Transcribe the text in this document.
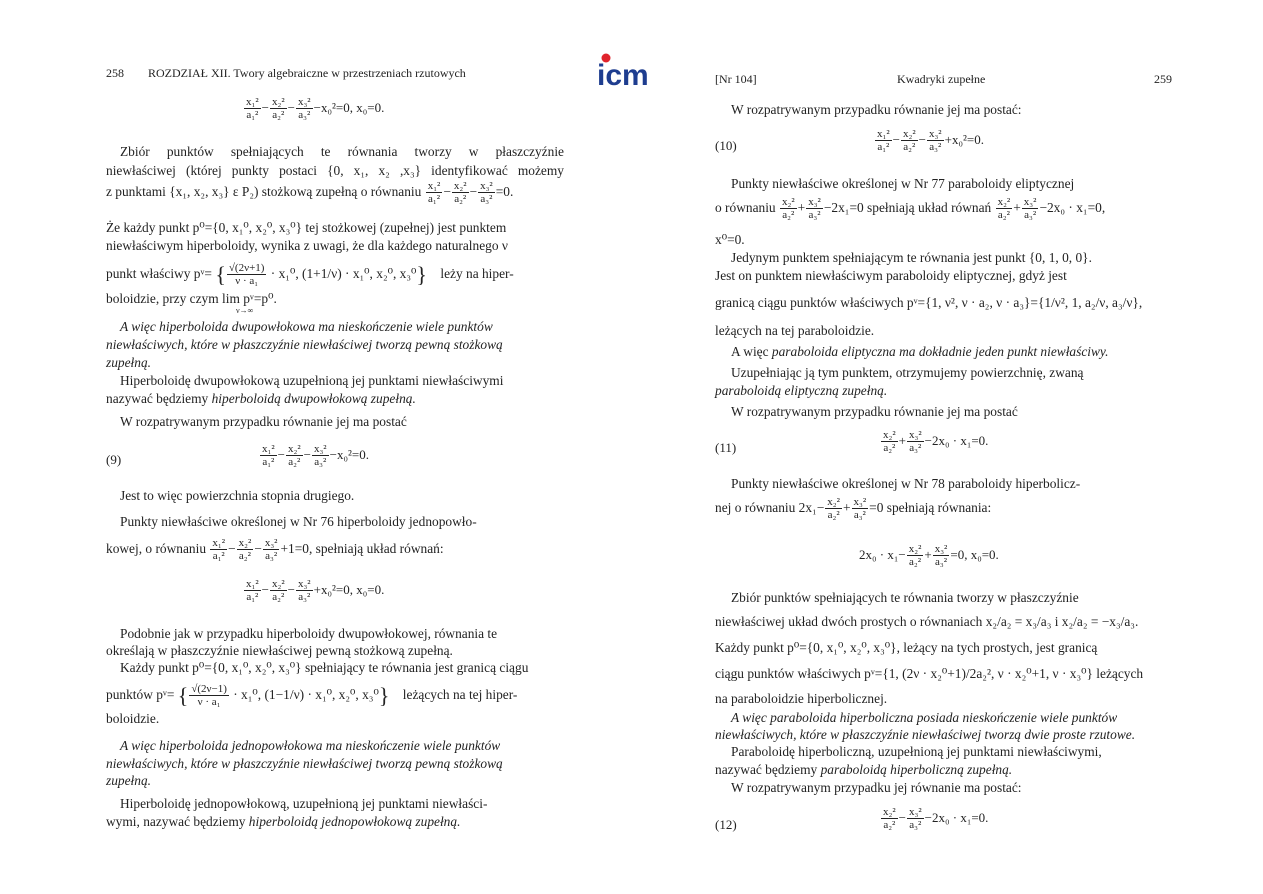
icm
258 ROZDZIAŁ XII. Twory algebraiczne w przestrzeniach rzutowych
$\frac{\text{x₁²}}{\text{a₁²}} - \frac{\text{x₂²}}{\text{a₂²}} - \frac{\text{x₃²}}{\text{a₃²}} -x_0^2=0$, x₀=0.
Zbiór punktów spełniających te równania tworzy w płaszczyźnie
niewłaściwej (której punkty postaci {0, x₁, x₂ ,x₃} identyfikować możemy
z punktami {x₁, x₂, x₃} ε P₂) stożkową zupełną o równaniu $\frac{\text{x₁²}}{\text{a₁²}} - \frac{\text{x₂²}}{\text{a₂²}} - \frac{\text{x₃²}}{\text{a₃²}} =0$.
Że każdy punkt p⁰={0, x₁⁰, x₂⁰, x₃⁰} tej stożkowej (zupełnej) jest punktem
niewłaściwym hiperboloidy, wynika z uwagi, że dla każdego naturalnego ν
punkt właściwy pᵛ= { $\frac{√(2\nu+1)}{\text{ν · a₁}} \cdot x_1^0$, (1+1/ν) · x₁⁰, x₂⁰, x₃⁰} leży na hiper-
boloidzie, przy czym lim pᵛ=p⁰.
ν→∞
A więc hiperboloida dwupowłokowa ma nieskończenie wiele punktów
niewłaściwych, które w płaszczyźnie niewłaściwej tworzą pewną stożkową
zupełną.
Hiperboloidę dwupowłokową uzupełnioną jej punktami niewłaściwymi
nazywać będziemy hiperboloidą dwupowłokową zupełną.
W rozpatrywanym przypadku równanie jej ma postać
(9)	$\frac{\text{x₁²}}{\text{a₁²}} - \frac{\text{x₂²}}{\text{a₂²}} - \frac{\text{x₃²}}{\text{a₃²}} -x_0^2=0$.
Jest to więc powierzchnia stopnia drugiego.
Punkty niewłaściwe określonej w Nr 76 hiperboloidy jednopowło-
kowej, o równaniu $\frac{\text{x₁²}}{\text{a₁²}} - \frac{\text{x₂²}}{\text{a₂²}} - \frac{\text{x₃²}}{\text{a₃²}} +1=0$, spełniają układ równań:
$\frac{\text{x₁²}}{\text{a₁²}} - \frac{\text{x₂²}}{\text{a₂²}} - \frac{\text{x₃²}}{\text{a₃²}} +x_0^2=0$, x₀=0.
Podobnie jak w przypadku hiperboloidy dwupowłokowej, równania te
określają w płaszczyźnie niewłaściwej pewną stożkową zupełną.
Każdy punkt p⁰={0, x₁⁰, x₂⁰, x₃⁰} spełniający te równania jest granicą ciągu
punktów pᵛ= { $\frac{√(2\nu-1)}{\text{ν · a₁}} \cdot x_1^0$, (1−1/ν) · x₁⁰, x₂⁰, x₃⁰} leżących na tej hiper-
boloidzie.
A więc hiperboloida jednopowłokowa ma nieskończenie wiele punktów
niewłaściwych, które w płaszczyźnie niewłaściwej tworzą pewną stożkową
zupełną.
Hiperboloidę jednopowłokową, uzupełnioną jej punktami niewłaści-
wymi, nazywać będziemy hiperboloidą jednopowłokową zupełną.
[Nr 104]	Kwadryki zupełne	259
W rozpatrywanym przypadku równanie jej ma postać:
(10)	$\frac{\text{x₁²}}{\text{a₁²}} - \frac{\text{x₂²}}{\text{a₂²}} - \frac{\text{x₃²}}{\text{a₃²}} +x_0^2=0$.
Punkty niewłaściwe określonej w Nr 77 paraboloidy eliptycznej
o równaniu $\frac{\text{x₂²}}{\text{a₂²}} + \frac{\text{x₃²}}{\text{a₃²}} -2x_1=0$ spełniają układ równań $\frac{\text{x₂²}}{\text{a₂²}} + \frac{\text{x₃²}}{\text{a₃²}} -2x_0 \cdot x_1=0$,
x⁰=0.
Jedynym punktem spełniającym te równania jest punkt {0, 1, 0, 0}.
Jest on punktem niewłaściwym paraboloidy eliptycznej, gdyż jest
granicą ciągu punktów właściwych pᵛ={1, ν², ν · a₂, ν · a₃}={1/ν², 1, a₂/ν, a₃/ν},
leżących na tej paraboloidzie.
A więc paraboloida eliptyczna ma dokładnie jeden punkt niewłaściwy.
Uzupełniając ją tym punktem, otrzymujemy powierzchnię, zwaną
paraboloidą eliptyczną zupełną.
W rozpatrywanym przypadku równanie jej ma postać
(11)	$\frac{\text{x₂²}}{\text{a₂²}} + \frac{\text{x₃²}}{\text{a₃²}} -2x_0 \cdot x_1=0$.
Punkty niewłaściwe określonej w Nr 78 paraboloidy hiperbolicz-
nej o równaniu $2x_1- \frac{\text{x₂²}}{\text{a₂²}} + \frac{\text{x₃²}}{\text{a₃²}} =0$ spełniają równania:
$2x_0 \cdot x_1- \frac{\text{x₂²}}{\text{a₂²}} + \frac{\text{x₃²}}{\text{a₃²}} =0$, x₀=0.
Zbiór punktów spełniających te równania tworzy w płaszczyźnie
niewłaściwej układ dwóch prostych o równaniach x₂/a₂ = x₃/a₃ i x₂/a₂ = −x₃/a₃.
Każdy punkt p⁰={0, x₁⁰, x₂⁰, x₃⁰}, leżący na tych prostych, jest granicą
ciągu punktów właściwych pᵛ={1, (2ν · x₂⁰+1)/2a₂², ν · x₂⁰+1, ν · x₃⁰} leżących
na paraboloidzie hiperbolicznej.
A więc paraboloida hiperboliczna posiada nieskończenie wiele punktów
niewłaściwych, które w płaszczyźnie niewłaściwej tworzą dwie proste rzutowe.
Paraboloidę hiperboliczną, uzupełnioną jej punktami niewłaściwymi,
nazywać będziemy paraboloidą hiperboliczną zupełną.
W rozpatrywanym przypadku jej równanie ma postać:
(12)	$\frac{\text{x₂²}}{\text{a₂²}} - \frac{\text{x₃²}}{\text{a₃²}} -2x_0 \cdot x_1=0$.
